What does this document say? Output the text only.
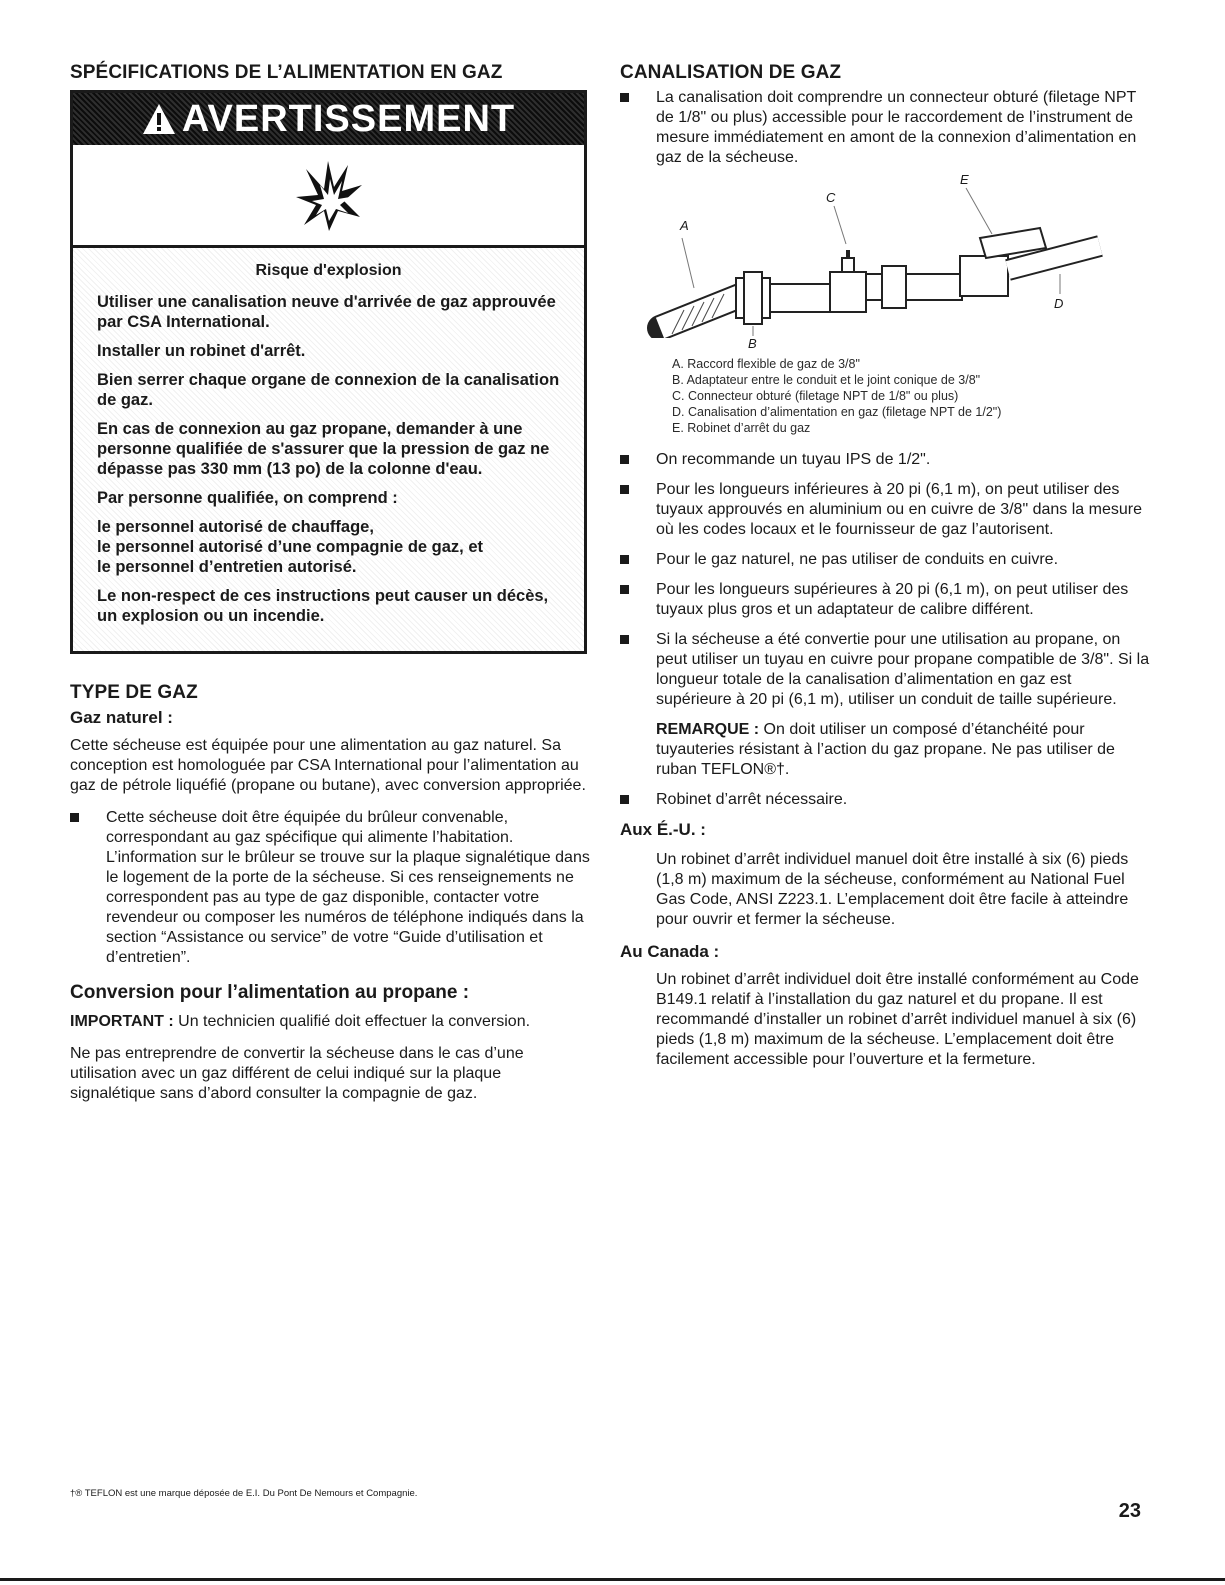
SPÉCIFICATIONS DE L’ALIMENTATION EN GAZ
AVERTISSEMENT
Risque d'explosion
Utiliser une canalisation neuve d'arrivée de gaz approuvée par CSA International.
Installer un robinet d'arrêt.
Bien serrer chaque organe de connexion de la canalisation de gaz.
En cas de connexion au gaz propane, demander à une personne qualifiée de s'assurer que la pression de gaz ne dépasse pas 330 mm (13 po) de la colonne d'eau.
Par personne qualifiée, on comprend :
le personnel autorisé de chauffage,
le personnel autorisé d’une compagnie de gaz, et
le personnel d’entretien autorisé.
Le non-respect de ces instructions peut causer un décès, un explosion ou un incendie.
TYPE DE GAZ
Gaz naturel :

Cette sécheuse est équipée pour une alimentation au gaz naturel. Sa conception est homologuée par CSA International pour l’alimentation au gaz de pétrole liquéfié (propane ou butane), avec conversion appropriée.

Cette sécheuse doit être équipée du brûleur convenable, correspondant au gaz spécifique qui alimente l’habitation. L’information sur le brûleur se trouve sur la plaque signalétique dans le logement de la porte de la sécheuse. Si ces renseignements ne correspondent pas au type de gaz disponible, contacter votre revendeur ou composer les numéros de téléphone indiqués dans la section “Assistance ou service” de votre “Guide d’utilisation et d’entretien”.
Conversion pour l’alimentation au propane :

IMPORTANT : Un technicien qualifié doit effectuer la conversion.

Ne pas entreprendre de convertir la sécheuse dans le cas d’une utilisation avec un gaz différent de celui indiqué sur la plaque signalétique sans d’abord consulter la compagnie de gaz.

CANALISATION DE GAZ
La canalisation doit comprendre un connecteur obturé (filetage NPT de 1/8" ou plus) accessible pour le raccordement de l’instrument de mesure immédiatement en amont de la connexion d’alimentation en gaz de la sécheuse.
A
B
C
D
E
A. Raccord flexible de gaz de 3/8"
B. Adaptateur entre le conduit et le joint conique de 3/8"
C. Connecteur obturé (filetage NPT de 1/8" ou plus)
D. Canalisation d’alimentation en gaz (filetage NPT de 1/2")
E. Robinet d’arrêt du gaz
On recommande un tuyau IPS de 1/2".
Pour les longueurs inférieures à 20 pi (6,1 m), on peut utiliser des tuyaux approuvés en aluminium ou en cuivre de 3/8" dans la mesure où les codes locaux et le fournisseur de gaz l’autorisent.
Pour le gaz naturel, ne pas utiliser de conduits en cuivre.
Pour les longueurs supérieures à 20 pi (6,1 m), on peut utiliser des tuyaux plus gros et un adaptateur de calibre différent.
Si la sécheuse a été convertie pour une utilisation au propane, on peut utiliser un tuyau en cuivre pour propane compatible de 3/8". Si la longueur totale de la canalisation d’alimentation en gaz est supérieure à 20 pi (6,1 m), utiliser un conduit de taille supérieure.
REMARQUE : On doit utiliser un composé d’étanchéité pour tuyauteries résistant à l’action du gaz propane. Ne pas utiliser de ruban TEFLON®†.
Robinet d’arrêt nécessaire.
Aux É.-U. :

Un robinet d’arrêt individuel manuel doit être installé à six (6) pieds (1,8 m) maximum de la sécheuse, conformément au National Fuel Gas Code, ANSI Z223.1. L’emplacement doit être facile à atteindre pour ouvrir et fermer la sécheuse.

Au Canada :

Un robinet d’arrêt individuel doit être installé conformément au Code B149.1 relatif à l’installation du gaz naturel et du propane. Il est recommandé d’installer un robinet d’arrêt individuel manuel à six (6) pieds (1,8 m) maximum de la sécheuse. L’emplacement doit être facilement accessible pour l’ouverture et la fermeture.

†® TEFLON est une marque déposée de E.I. Du Pont De Nemours et Compagnie.
23
